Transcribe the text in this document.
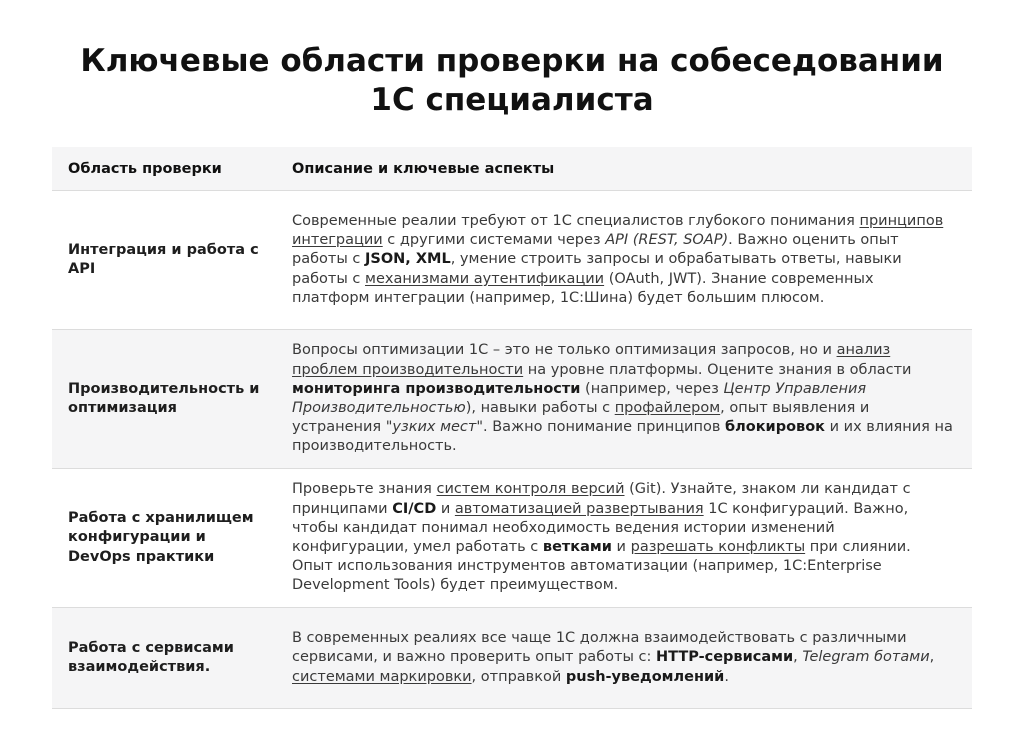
Ключевые области проверки на собеседовании
1С специалиста
Область проверки	Описание и ключевые аспекты
Интеграция и работа с API	Современные реалии требуют от 1С специалистов глубокого понимания принципов интеграции с другими системами через API (REST, SOAP). Важно оценить опыт работы с JSON, XML, умение строить запросы и обрабатывать ответы, навыки работы с механизмами аутентификации (OAuth, JWT). Знание современных платформ интеграции (например, 1С:Шина) будет большим плюсом.
Производительность и оптимизация	Вопросы оптимизации 1С – это не только оптимизация запросов, но и анализ проблем производительности на уровне платформы. Оцените знания в области мониторинга производительности (например, через Центр Управления Производительностью), навыки работы с профайлером, опыт выявления и устранения "узких мест". Важно понимание принципов блокировок и их влияния на производительность.
Работа с хранилищем конфигурации и DevOps практики	Проверьте знания систем контроля версий (Git). Узнайте, знаком ли кандидат с принципами CI/CD и автоматизацией развертывания 1С конфигураций. Важно, чтобы кандидат понимал необходимость ведения истории изменений конфигурации, умел работать с ветками и разрешать конфликты при слиянии. Опыт использования инструментов автоматизации (например, 1C:Enterprise Development Tools) будет преимуществом.
Работа с сервисами взаимодействия.	В современных реалиях все чаще 1С должна взаимодействовать с различными сервисами, и важно проверить опыт работы с: HTTP-сервисами, Telegram ботами, системами маркировки, отправкой push-уведомлений.
